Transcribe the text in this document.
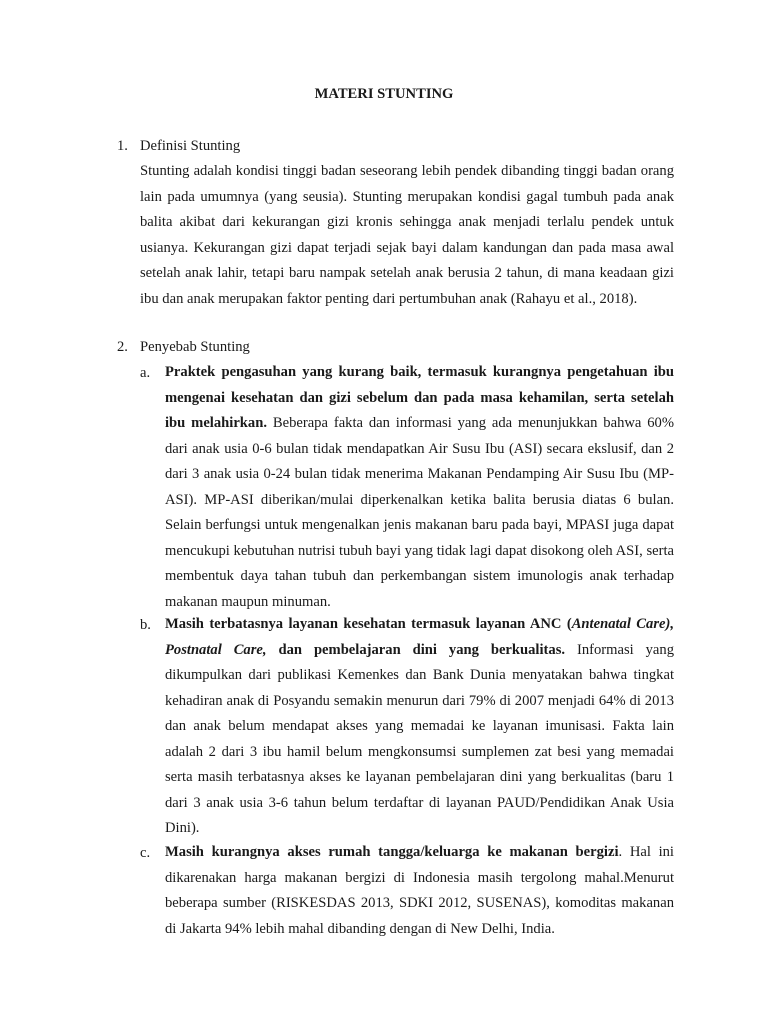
MATERI STUNTING
1. Definisi Stunting
Stunting adalah kondisi tinggi badan seseorang lebih pendek dibanding tinggi badan orang lain pada umumnya (yang seusia). Stunting merupakan kondisi gagal tumbuh pada anak balita akibat dari kekurangan gizi kronis sehingga anak menjadi terlalu pendek untuk usianya. Kekurangan gizi dapat terjadi sejak bayi dalam kandungan dan pada masa awal setelah anak lahir, tetapi baru nampak setelah anak berusia 2 tahun, di mana keadaan gizi ibu dan anak merupakan faktor penting dari pertumbuhan anak (Rahayu et al., 2018).
2. Penyebab Stunting
a. Praktek pengasuhan yang kurang baik, termasuk kurangnya pengetahuan ibu mengenai kesehatan dan gizi sebelum dan pada masa kehamilan, serta setelah ibu melahirkan. Beberapa fakta dan informasi yang ada menunjukkan bahwa 60% dari anak usia 0-6 bulan tidak mendapatkan Air Susu Ibu (ASI) secara ekslusif, dan 2 dari 3 anak usia 0-24 bulan tidak menerima Makanan Pendamping Air Susu Ibu (MP-ASI). MP-ASI diberikan/mulai diperkenalkan ketika balita berusia diatas 6 bulan. Selain berfungsi untuk mengenalkan jenis makanan baru pada bayi, MPASI juga dapat mencukupi kebutuhan nutrisi tubuh bayi yang tidak lagi dapat disokong oleh ASI, serta membentuk daya tahan tubuh dan perkembangan sistem imunologis anak terhadap makanan maupun minuman.
b. Masih terbatasnya layanan kesehatan termasuk layanan ANC (Antenatal Care), Postnatal Care, dan pembelajaran dini yang berkualitas. Informasi yang dikumpulkan dari publikasi Kemenkes dan Bank Dunia menyatakan bahwa tingkat kehadiran anak di Posyandu semakin menurun dari 79% di 2007 menjadi 64% di 2013 dan anak belum mendapat akses yang memadai ke layanan imunisasi. Fakta lain adalah 2 dari 3 ibu hamil belum mengkonsumsi sumplemen zat besi yang memadai serta masih terbatasnya akses ke layanan pembelajaran dini yang berkualitas (baru 1 dari 3 anak usia 3-6 tahun belum terdaftar di layanan PAUD/Pendidikan Anak Usia Dini).
c. Masih kurangnya akses rumah tangga/keluarga ke makanan bergizi. Hal ini dikarenakan harga makanan bergizi di Indonesia masih tergolong mahal.Menurut beberapa sumber (RISKESDAS 2013, SDKI 2012, SUSENAS), komoditas makanan di Jakarta 94% lebih mahal dibanding dengan di New Delhi, India.
